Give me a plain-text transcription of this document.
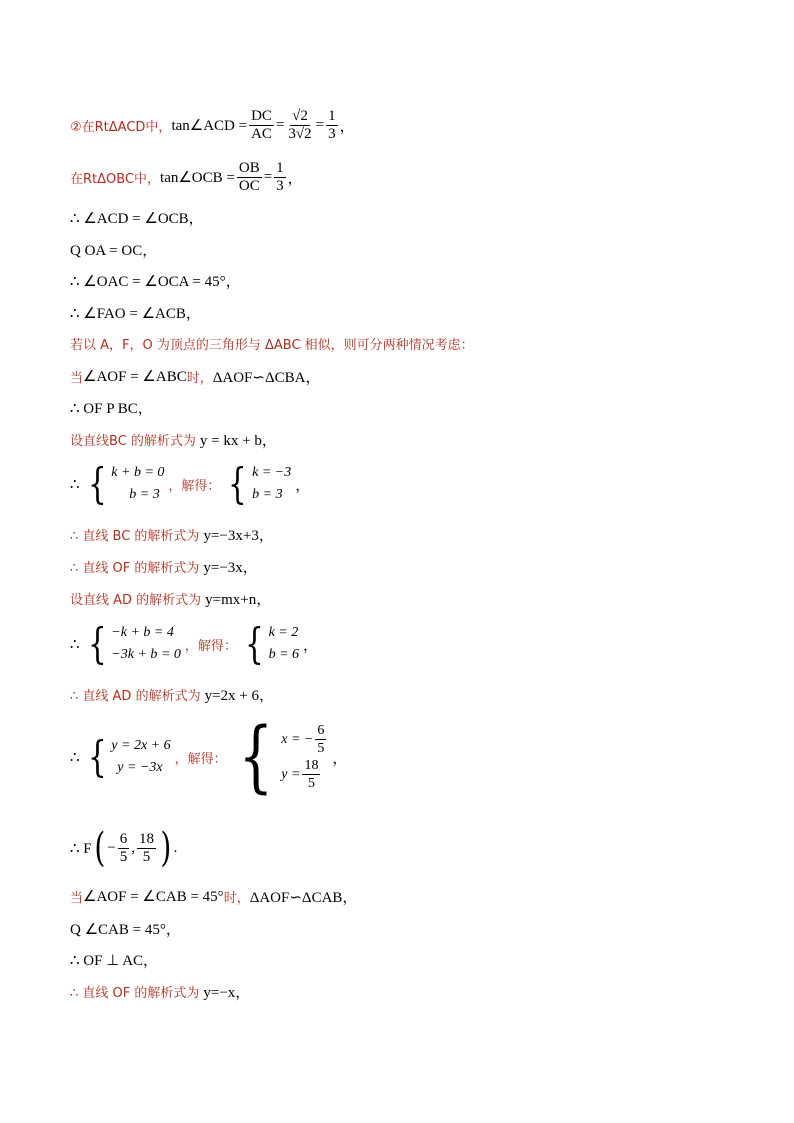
②在RtΔACD中， tan∠ACD = $\frac{DC}{AC} = \frac{√2}{3√2} = \frac{1}{3}$ ，
在RtΔOBC中， tan∠OCB = $\frac{OB}{OC} = \frac{1}{3}$ ，
∴ ∠ACD = ∠OCB，
Q OA = OC，
∴ ∠OAC = ∠OCA = 45°，
∴ ∠FAO = ∠ACB，
若以 A，F，O 为顶点的三角形与 ΔABC 相似，则可分两种情况考虑：
当 ∠AOF = ∠ABC 时， ΔAOF∽ΔCBA，
∴ OF P BC，
设直线BC 的解析式为 y = kx + b，
∴ { k + b = 0
b = 3
，解得： { k = −3
b = 3
，
∴ 直线 BC 的解析式为 y=−3x+3，
∴ 直线 OF 的解析式为 y=−3x，
设直线 AD 的解析式为 y=mx+n，
∴ { −k + b = 4
−3k + b = 0
，解得： { k = 2
b = 6
，
∴ 直线 AD 的解析式为 y=2x + 6，
∴ { y = 2x + 6
y = −3x
，解得： { x = − $\frac{6}{5}$
$y = \frac{18}{5}$ ，
∴ F ( − $\frac{6}{5}$ , $\frac{18}{5}$ ) .
当 ∠AOF = ∠CAB = 45° 时， ΔAOF∽ΔCAB，
Q ∠CAB = 45°，
∴ OF ⊥ AC，
∴ 直线 OF 的解析式为 y=−x，
